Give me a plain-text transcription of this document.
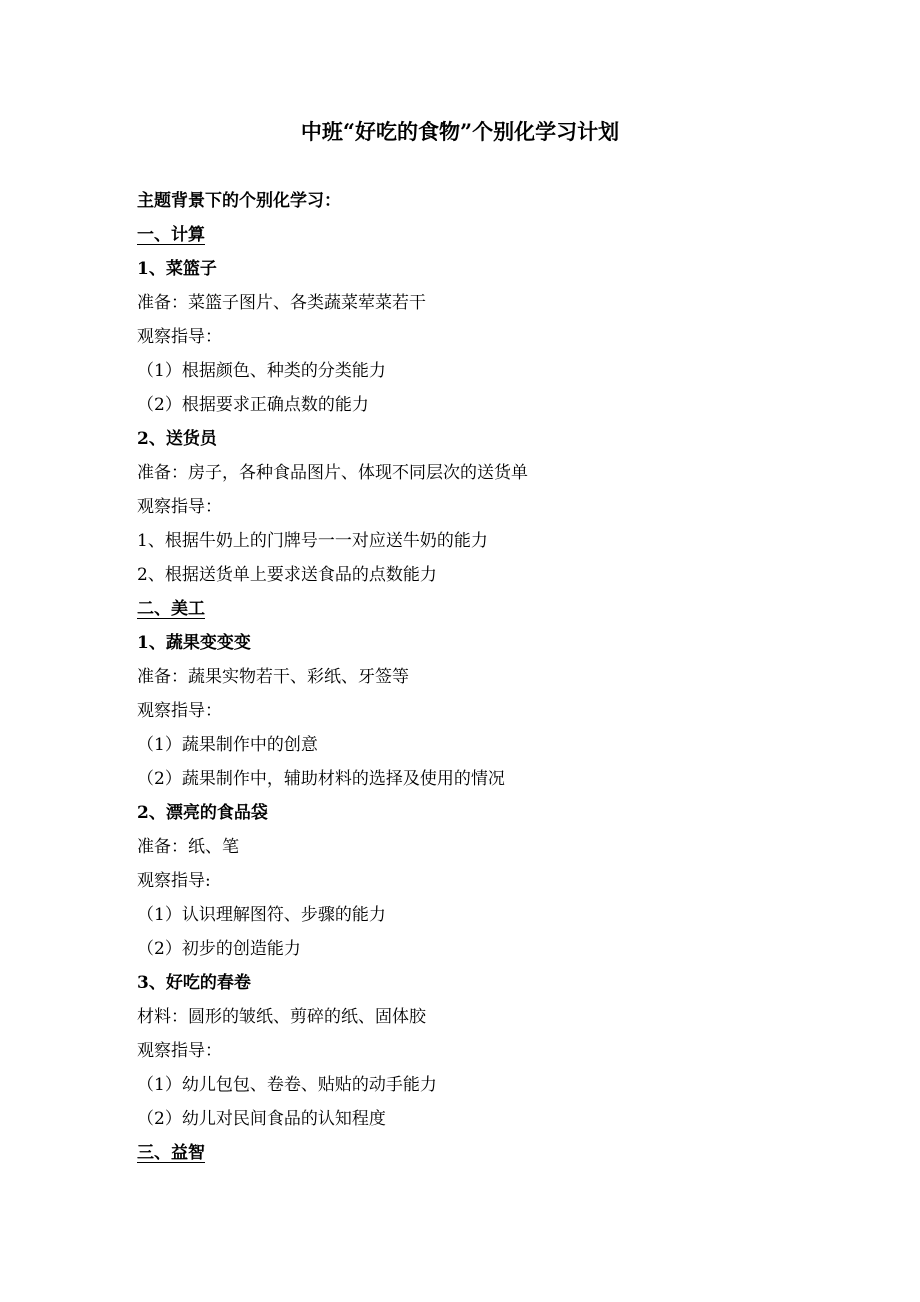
中班“好吃的食物”个别化学习计划
主题背景下的个别化学习：
一、计算
1、菜篮子
准备：菜篮子图片、各类蔬菜荤菜若干
观察指导：
（1）根据颜色、种类的分类能力
（2）根据要求正确点数的能力
2、送货员
准备：房子，各种食品图片、体现不同层次的送货单
观察指导：
1、根据牛奶上的门牌号一一对应送牛奶的能力
2、根据送货单上要求送食品的点数能力
二、美工
1、蔬果变变变
准备：蔬果实物若干、彩纸、牙签等
观察指导：
（1）蔬果制作中的创意
（2）蔬果制作中，辅助材料的选择及使用的情况
2、漂亮的食品袋
准备：纸、笔
观察指导:
（1）认识理解图符、步骤的能力
（2）初步的创造能力
3、好吃的春卷
材料：圆形的皱纸、剪碎的纸、固体胶
观察指导：
（1）幼儿包包、卷卷、贴贴的动手能力
（2）幼儿对民间食品的认知程度
三、益智
